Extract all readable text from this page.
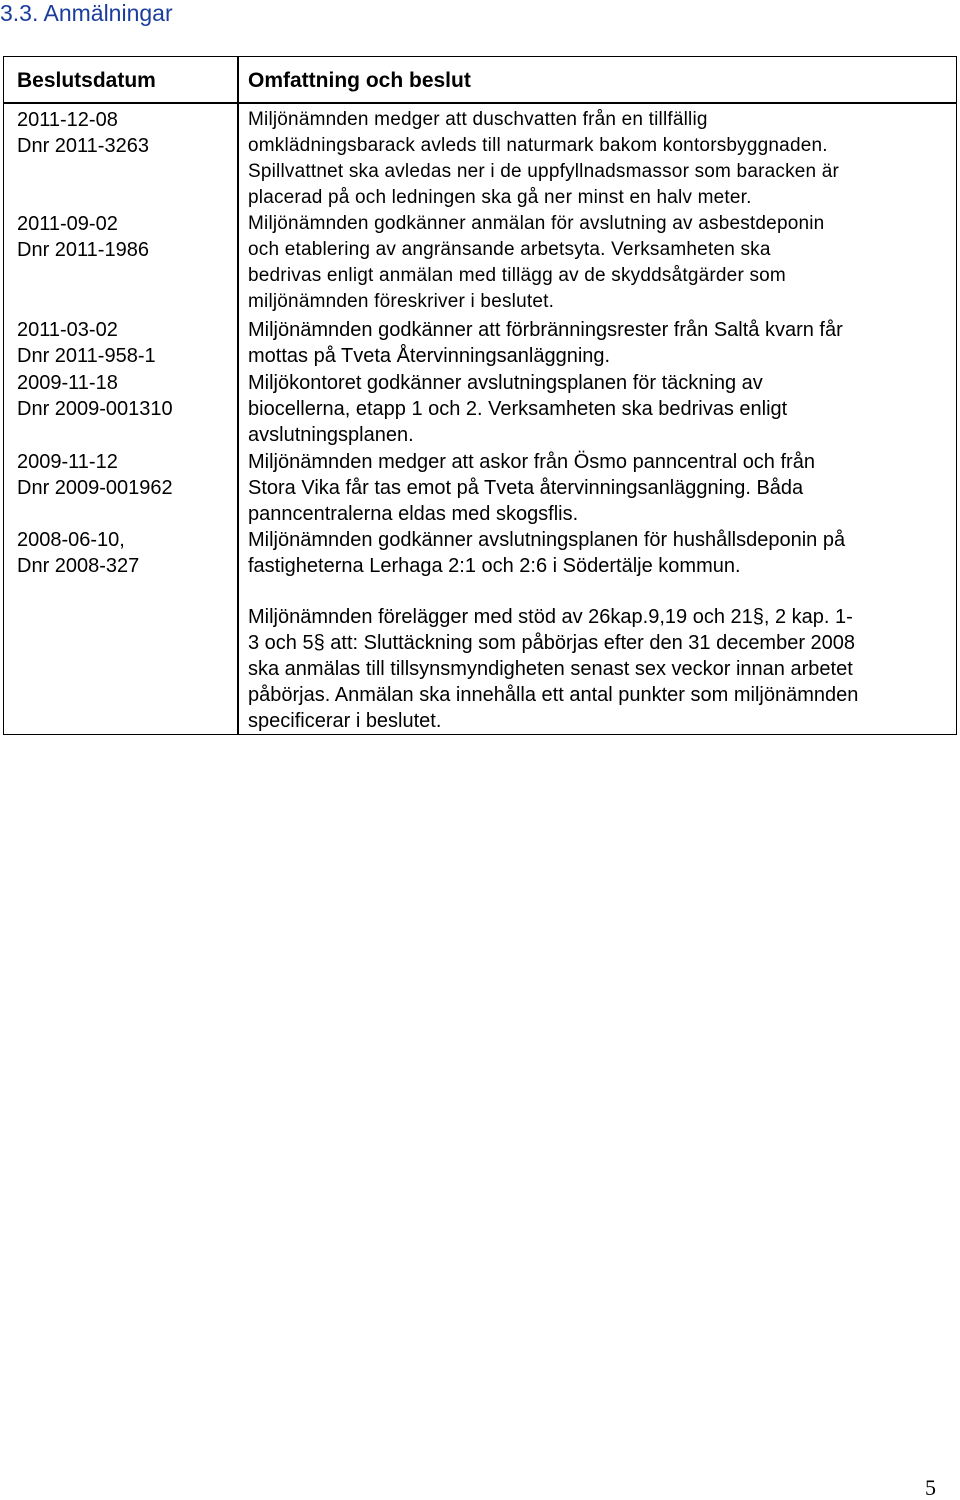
3.3. Anmälningar
Beslutsdatum	Omfattning och beslut
2011-12-08
Dnr 2011-3263
Miljönämnden medger att duschvatten från en tillfällig
omklädningsbarack avleds till naturmark bakom kontorsbyggnaden.
Spillvattnet ska avledas ner i de uppfyllnadsmassor som baracken är
placerad på och ledningen ska gå ner minst en halv meter.
2011-09-02
Dnr 2011-1986
Miljönämnden godkänner anmälan för avslutning av asbestdeponin
och etablering av angränsande arbetsyta. Verksamheten ska
bedrivas enligt anmälan med tillägg av de skyddsåtgärder som
miljönämnden föreskriver i beslutet.
2011-03-02
Dnr 2011-958-1
Miljönämnden godkänner att förbränningsrester från Saltå kvarn får
mottas på Tveta Återvinningsanläggning.
2009-11-18
Dnr 2009-001310
Miljökontoret godkänner avslutningsplanen för täckning av
biocellerna, etapp 1 och 2. Verksamheten ska bedrivas enligt
avslutningsplanen.
2009-11-12
Dnr 2009-001962
Miljönämnden medger att askor från Ösmo panncentral och från
Stora Vika får tas emot på Tveta återvinningsanläggning. Båda
panncentralerna eldas med skogsflis.
2008-06-10,
Dnr 2008-327
Miljönämnden godkänner avslutningsplanen för hushållsdeponin på
fastigheterna Lerhaga 2:1 och 2:6 i Södertälje kommun.
Miljönämnden förelägger med stöd av 26kap.9,19 och 21§, 2 kap. 1-
3 och 5§ att: Sluttäckning som påbörjas efter den 31 december 2008
ska anmälas till tillsynsmyndigheten senast sex veckor innan arbetet
påbörjas. Anmälan ska innehålla ett antal punkter som miljönämnden
specificerar i beslutet.
5
